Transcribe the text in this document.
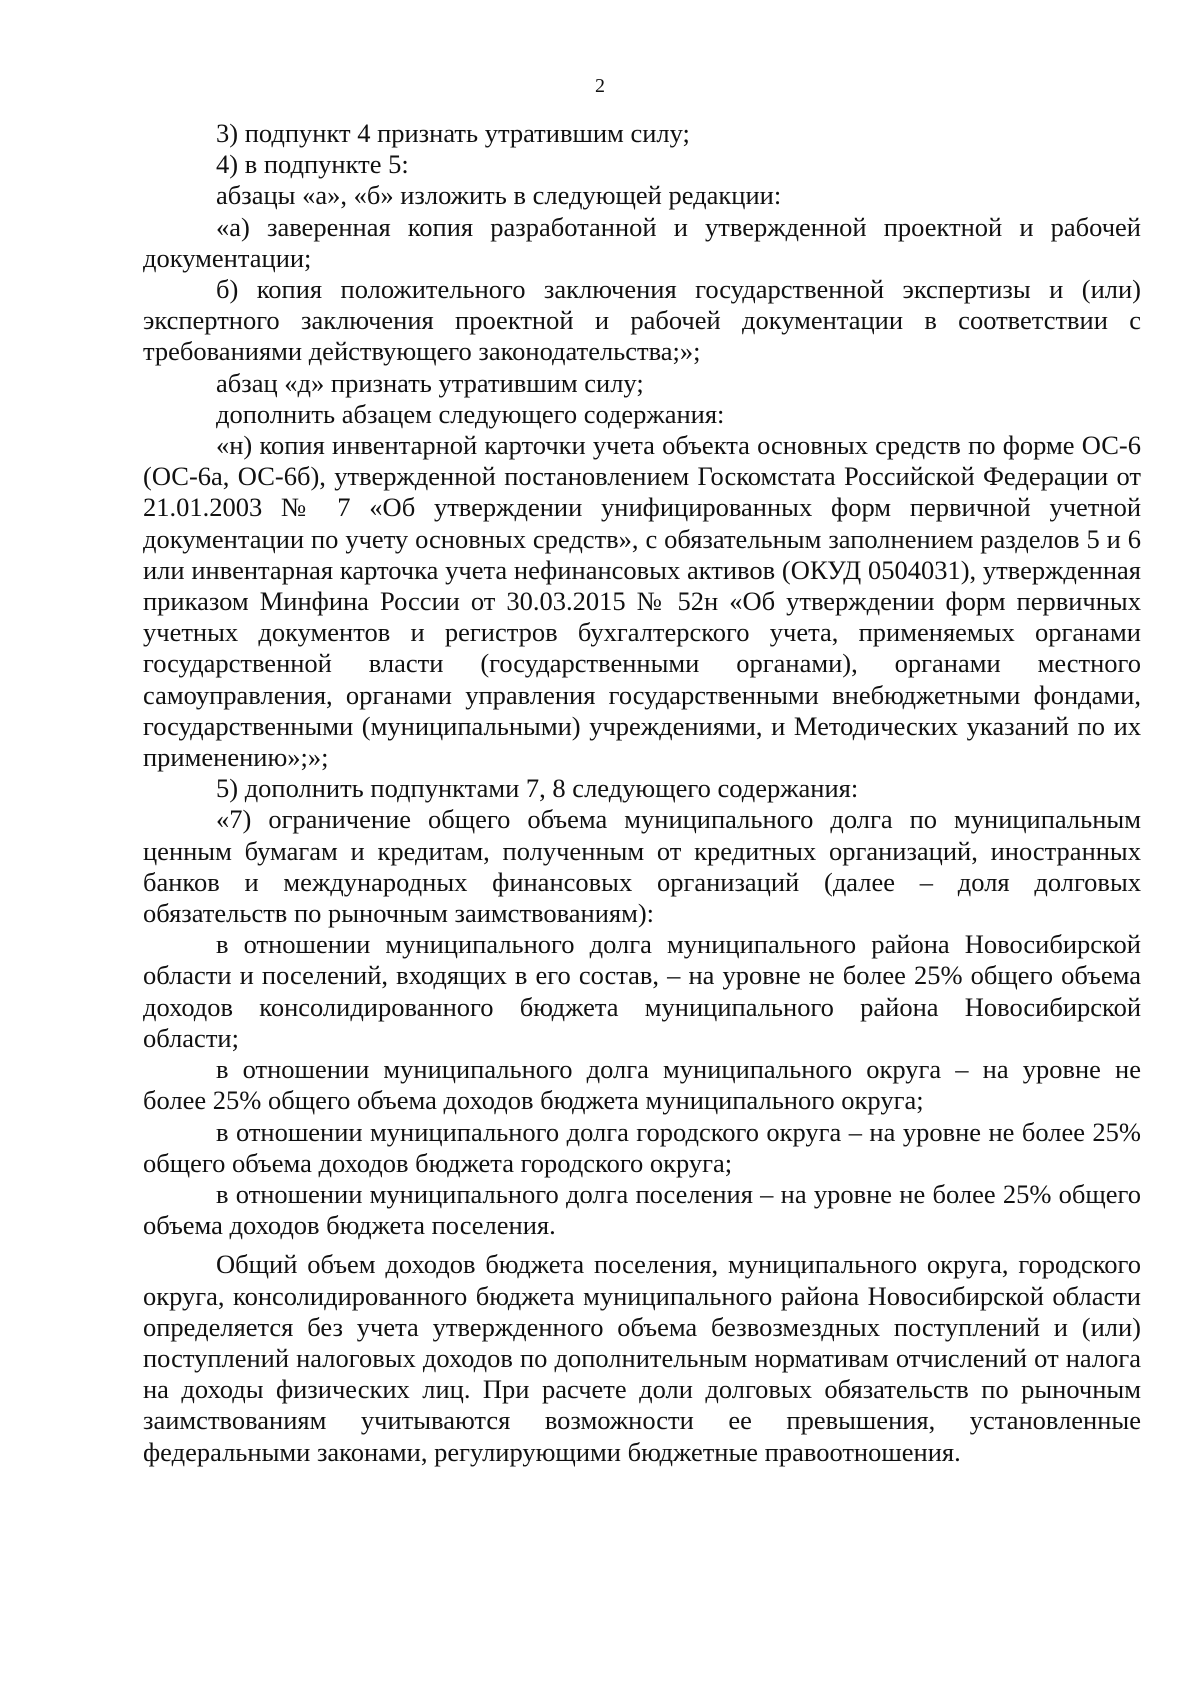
2

3) подпункт 4 признать утратившим силу;

4) в подпункте 5:

абзацы «а», «б» изложить в следующей редакции:

«а) заверенная копия разработанной и утвержденной проектной и рабочей документации;

б) копия положительного заключения государственной экспертизы и (или) экспертного заключения проектной и рабочей документации в соответствии с требованиями действующего законодательства;»;

абзац «д» признать утратившим силу;

дополнить абзацем следующего содержания:

«н) копия инвентарной карточки учета объекта основных средств по форме ОС-6 (ОС-6а, ОС-6б), утвержденной постановлением Госкомстата Российской Федерации от 21.01.2003 № 7 «Об утверждении унифицированных форм первичной учетной документации по учету основных средств», с обязательным заполнением разделов 5 и 6 или инвентарная карточка учета нефинансовых активов (ОКУД 0504031), утвержденная приказом Минфина России от 30.03.2015 № 52н «Об утверждении форм первичных учетных документов и регистров бухгалтерского учета, применяемых органами государственной власти (государственными органами), органами местного самоуправления, органами управления государственными внебюджетными фондами, государственными (муниципальными) учреждениями, и Методических указаний по их применению»;»;

5) дополнить подпунктами 7, 8 следующего содержания:

«7) ограничение общего объема муниципального долга по муниципальным ценным бумагам и кредитам, полученным от кредитных организаций, иностранных банков и международных финансовых организаций (далее – доля долговых обязательств по рыночным заимствованиям):

в отношении муниципального долга муниципального района Новосибирской области и поселений, входящих в его состав, – на уровне не более 25% общего объема доходов консолидированного бюджета муниципального района Новосибирской области;

в отношении муниципального долга муниципального округа – на уровне не более 25% общего объема доходов бюджета муниципального округа;

в отношении муниципального долга городского округа – на уровне не более 25% общего объема доходов бюджета городского округа;

в отношении муниципального долга поселения – на уровне не более 25% общего объема доходов бюджета поселения.

Общий объем доходов бюджета поселения, муниципального округа, городского округа, консолидированного бюджета муниципального района Новосибирской области определяется без учета утвержденного объема безвозмездных поступлений и (или) поступлений налоговых доходов по дополнительным нормативам отчислений от налога на доходы физических лиц. При расчете доли долговых обязательств по рыночным заимствованиям учитываются возможности ее превышения, установленные федеральными законами, регулирующими бюджетные правоотношения.
